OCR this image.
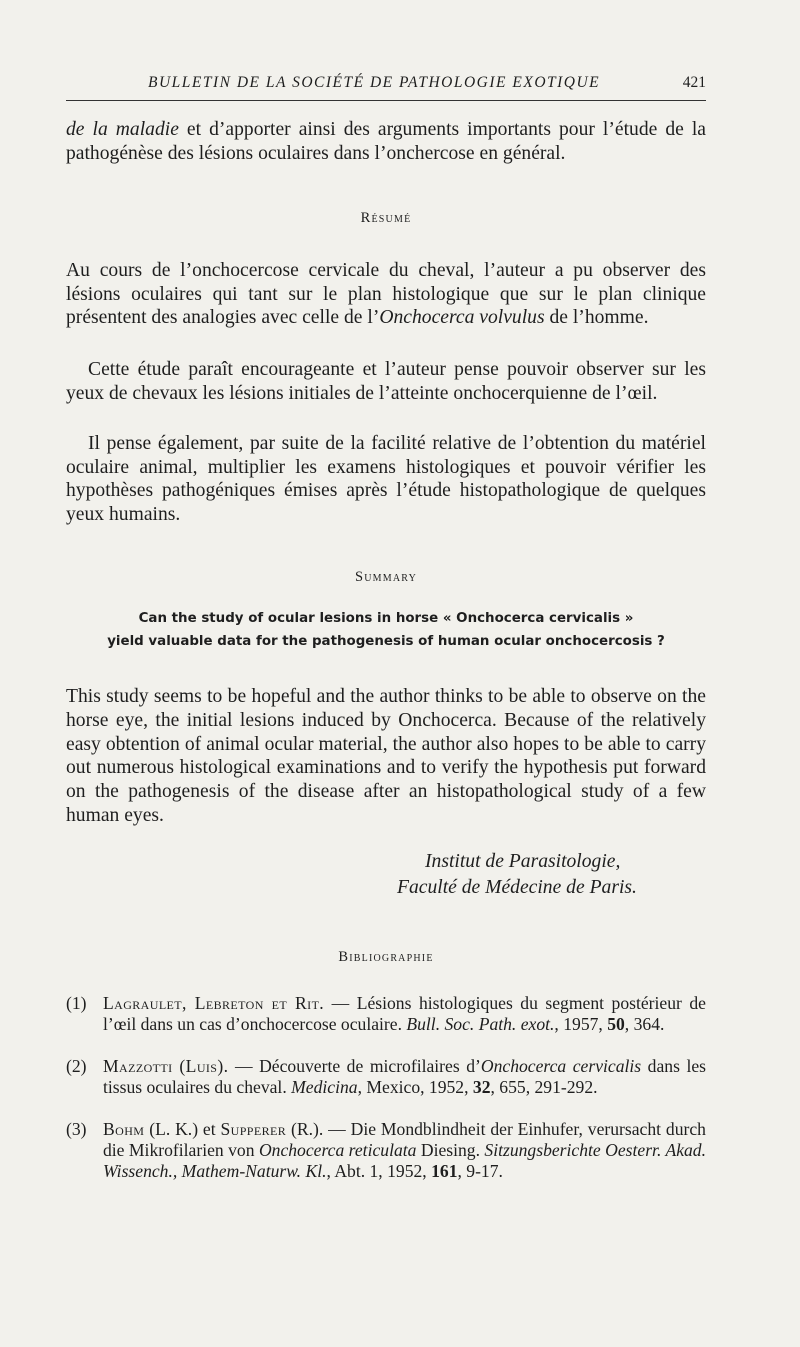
BULLETIN DE LA SOCIÉTÉ DE PATHOLOGIE EXOTIQUE	421

de la maladie et d’apporter ainsi des arguments importants pour l’étude de la pathogénèse des lésions oculaires dans l’onchercose en général.

Résumé

Au cours de l’onchocercose cervicale du cheval, l’auteur a pu observer des lésions oculaires qui tant sur le plan histologique que sur le plan clinique présentent des analogies avec celle de l’Onchocerca volvulus de l’homme.

Cette étude paraît encourageante et l’auteur pense pouvoir observer sur les yeux de chevaux les lésions initiales de l’atteinte onchocerquienne de l’œil.

Il pense également, par suite de la facilité relative de l’obtention du matériel oculaire animal, multiplier les examens histologiques et pouvoir vérifier les hypothèses pathogéniques émises après l’étude histopathologique de quelques yeux humains.

Summary
Can the study of ocular lesions in horse « Onchocerca cervicalis »
yield valuable data for the pathogenesis of human ocular onchocercosis ?

This study seems to be hopeful and the author thinks to be able to observe on the horse eye, the initial lesions induced by Onchocerca. Because of the relatively easy obtention of animal ocular material, the author also hopes to be able to carry out numerous histological examinations and to verify the hypothesis put forward on the pathogenesis of the disease after an histopathological study of a few human eyes.

Institut de Parasitologie,
Faculté de Médecine de Paris.
Bibliographie

(1) Lagraulet, Lebreton et Rit. — Lésions histologiques du segment postérieur de l’œil dans un cas d’onchocercose oculaire. Bull. Soc. Path. exot., 1957, 50, 364.

(2) Mazzotti (Luis). — Découverte de microfilaires d’Onchocerca cervicalis dans les tissus oculaires du cheval. Medicina, Mexico, 1952, 32, 655, 291-292.

(3) Bohm (L. K.) et Supperer (R.). — Die Mondblindheit der Einhufer, verursacht durch die Mikrofilarien von Onchocerca reticulata Diesing. Sitzungsberichte Oesterr. Akad. Wissench., Mathem-Naturw. Kl., Abt. 1, 1952, 161, 9-17.
